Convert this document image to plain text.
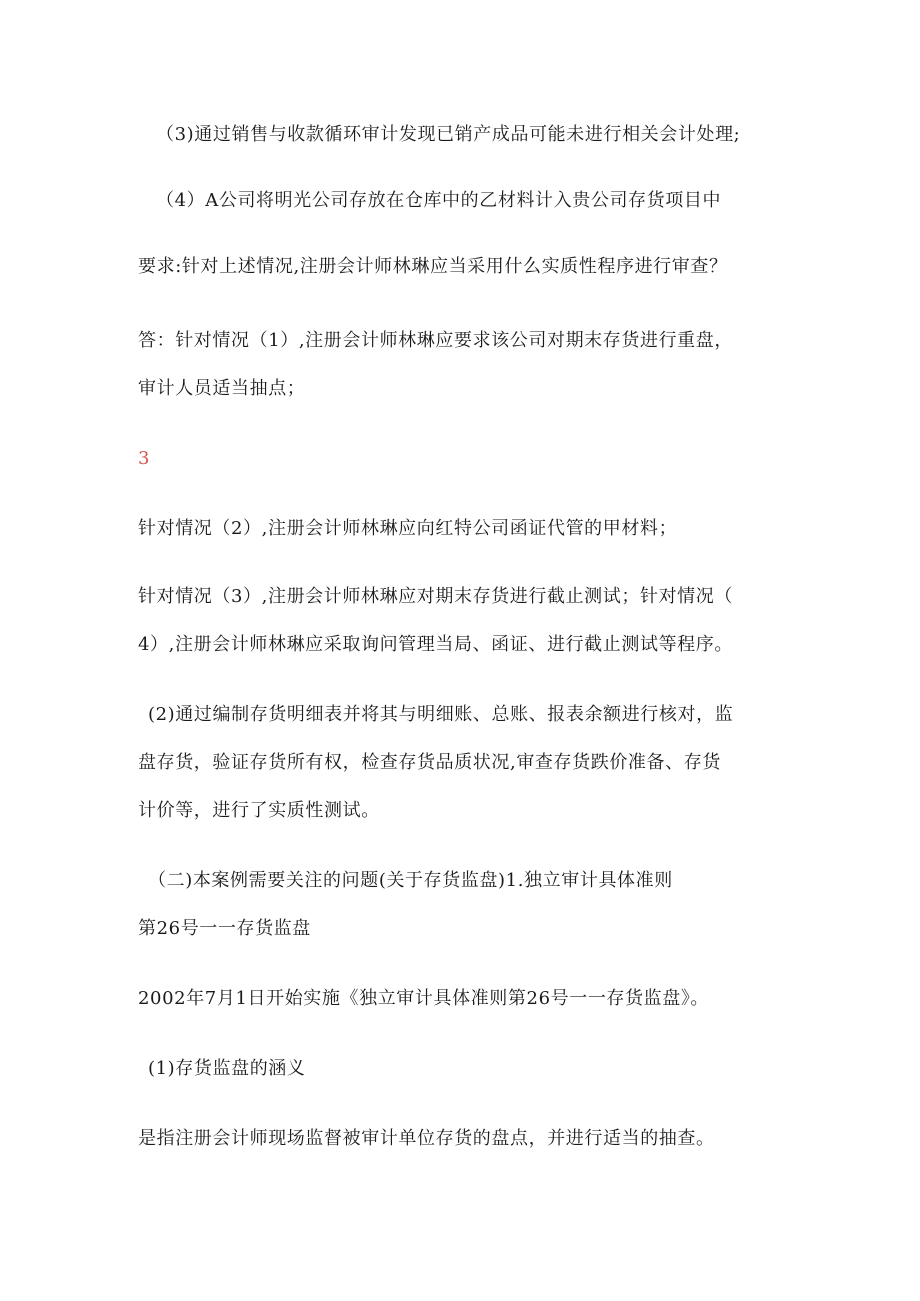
（3)通过销售与收款循环审计发现已销产成品可能未进行相关会计处理;
（4）A公司将明光公司存放在仓库中的乙材料计入贵公司存货项目中
要求:针对上述情况,注册会计师林琳应当采用什么实质性程序进行审查？
答：针对情况（1）,注册会计师林琳应要求该公司对期末存货进行重盘，
审计人员适当抽点；
3
针对情况（2）,注册会计师林琳应向红特公司函证代管的甲材料；
针对情况（3）,注册会计师林琳应对期末存货进行截止测试；针对情况（
4）,注册会计师林琳应采取询问管理当局、函证、进行截止测试等程序。
(2)通过编制存货明细表并将其与明细账、总账、报表余额进行核对，监
盘存货，验证存货所有权，检查存货品质状况,审查存货跌价准备、存货
计价等，进行了实质性测试。
（二)本案例需要关注的问题(关于存货监盘)1.独立审计具体准则
第26号一一存货监盘
2002年7月1日开始实施《独立审计具体准则第26号一一存货监盘》。
(1)存货监盘的涵义
是指注册会计师现场监督被审计单位存货的盘点，并进行适当的抽查。
